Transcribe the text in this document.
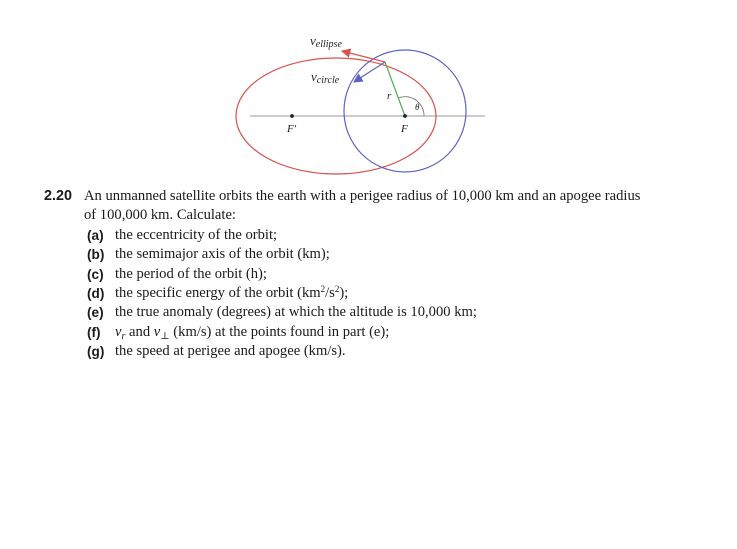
vellipse
vcircle
r
θ
F′	F
2.20 An unmanned satellite orbits the earth with a perigee radius of 10,000 km and an apogee radius
of 100,000 km. Calculate:
(a) the eccentricity of the orbit;
(b) the semimajor axis of the orbit (km);
(c) the period of the orbit (h);
(d) the specific energy of the orbit $(km^2/s^2)$;
(e) the true anomaly (degrees) at which the altitude is 10,000 km;
(f) $v_r$ and $v_\perp$ (km/s) at the points found in part (e);
(g) the speed at perigee and apogee (km/s).
